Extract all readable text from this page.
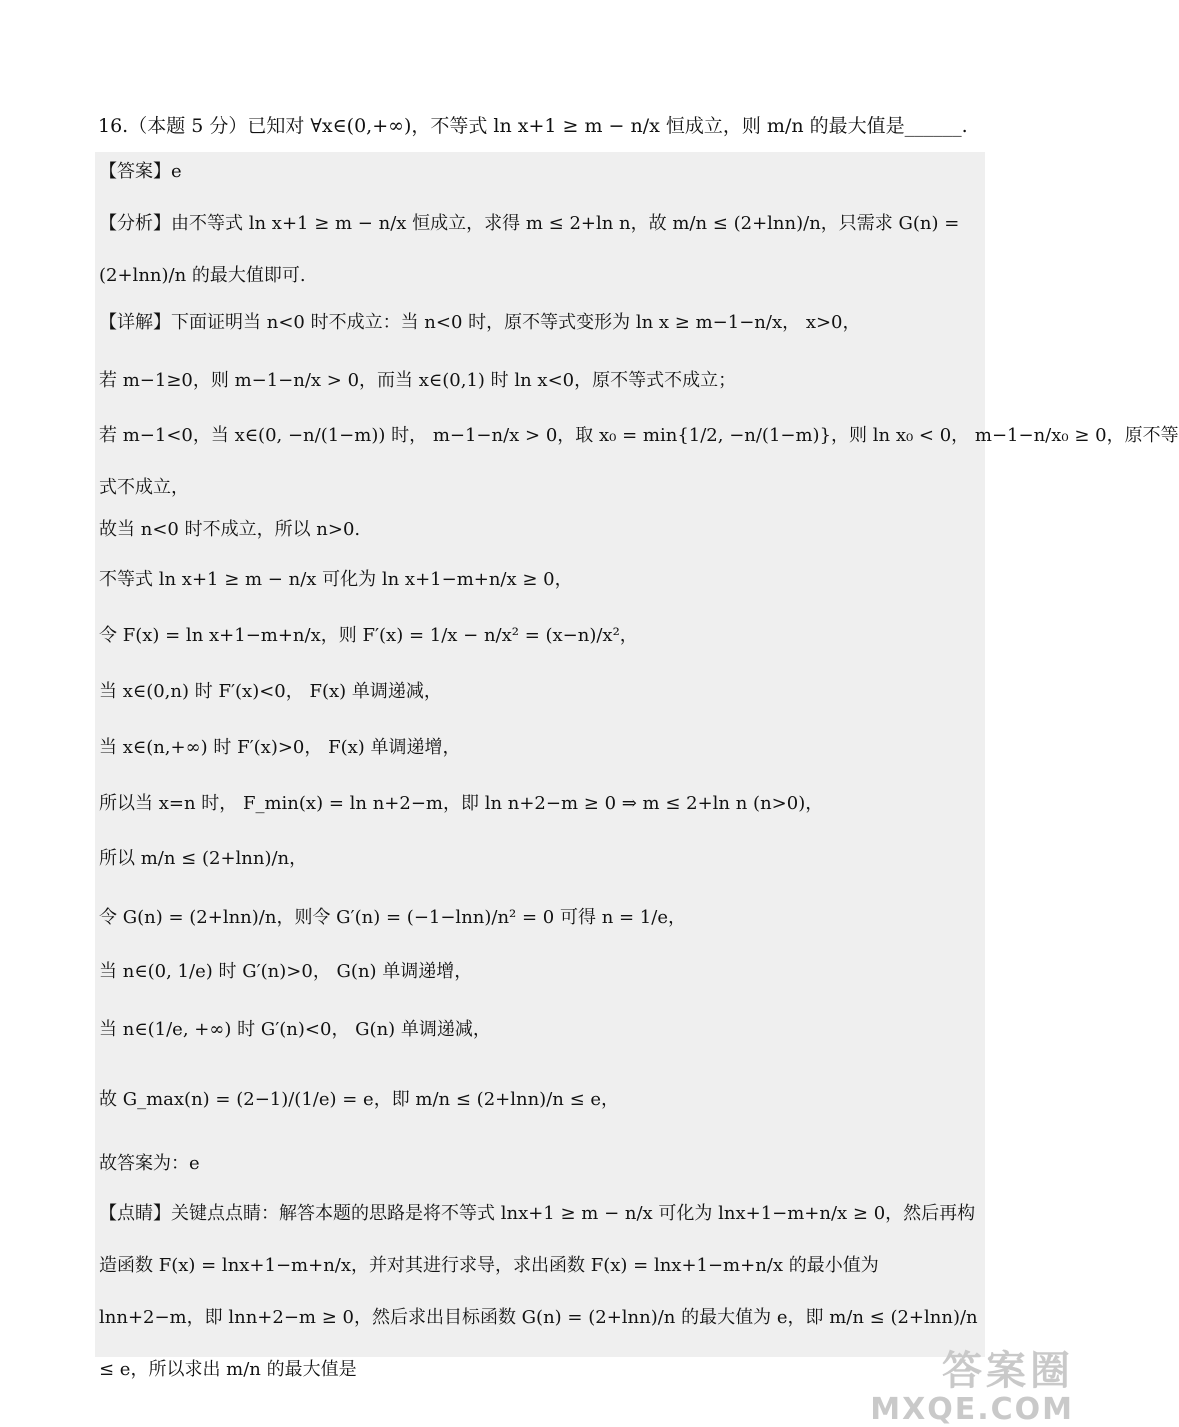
16.（本题 5 分）已知对 ∀x∈(0,+∞)，不等式 ln x+1 ≥ m − n/x 恒成立，则 m/n 的最大值是______.
【答案】e
【分析】由不等式 ln x+1 ≥ m − n/x 恒成立，求得 m ≤ 2+ln n，故 m/n ≤ (2+lnn)/n，只需求 G(n) = (2+lnn)/n 的最大值即可.
【详解】下面证明当 n<0 时不成立：当 n<0 时，原不等式变形为 ln x ≥ m−1−n/x， x>0，
若 m−1≥0，则 m−1−n/x > 0，而当 x∈(0,1) 时 ln x<0，原不等式不成立；
若 m−1<0，当 x∈(0, −n/(1−m)) 时， m−1−n/x > 0，取 x₀ = min{1/2, −n/(1−m)}，则 ln x₀ < 0， m−1−n/x₀ ≥ 0，原不等
式不成立，
故当 n<0 时不成立，所以 n>0.
不等式 ln x+1 ≥ m − n/x 可化为 ln x+1−m+n/x ≥ 0，
令 F(x) = ln x+1−m+n/x，则 F′(x) = 1/x − n/x² = (x−n)/x²，
当 x∈(0,n) 时 F′(x)<0， F(x) 单调递减，
当 x∈(n,+∞) 时 F′(x)>0， F(x) 单调递增，
所以当 x=n 时， F_min(x) = ln n+2−m，即 ln n+2−m ≥ 0 ⇒ m ≤ 2+ln n (n>0)，
所以 m/n ≤ (2+lnn)/n，
令 G(n) = (2+lnn)/n，则令 G′(n) = (−1−lnn)/n² = 0 可得 n = 1/e，
当 n∈(0, 1/e) 时 G′(n)>0， G(n) 单调递增，
当 n∈(1/e, +∞) 时 G′(n)<0， G(n) 单调递减，
故 G_max(n) = (2−1)/(1/e) = e，即 m/n ≤ (2+lnn)/n ≤ e，
故答案为：e
【点睛】关键点点睛：解答本题的思路是将不等式 lnx+1 ≥ m − n/x 可化为 lnx+1−m+n/x ≥ 0，然后再构造函数 F(x) = lnx+1−m+n/x，并对其进行求导，求出函数 F(x) = lnx+1−m+n/x 的最小值为 lnn+2−m，即 lnn+2−m ≥ 0，然后求出目标函数 G(n) = (2+lnn)/n 的最大值为 e，即 m/n ≤ (2+lnn)/n ≤ e，所以求出 m/n 的最大值是	答案圈
MXQE.COM
